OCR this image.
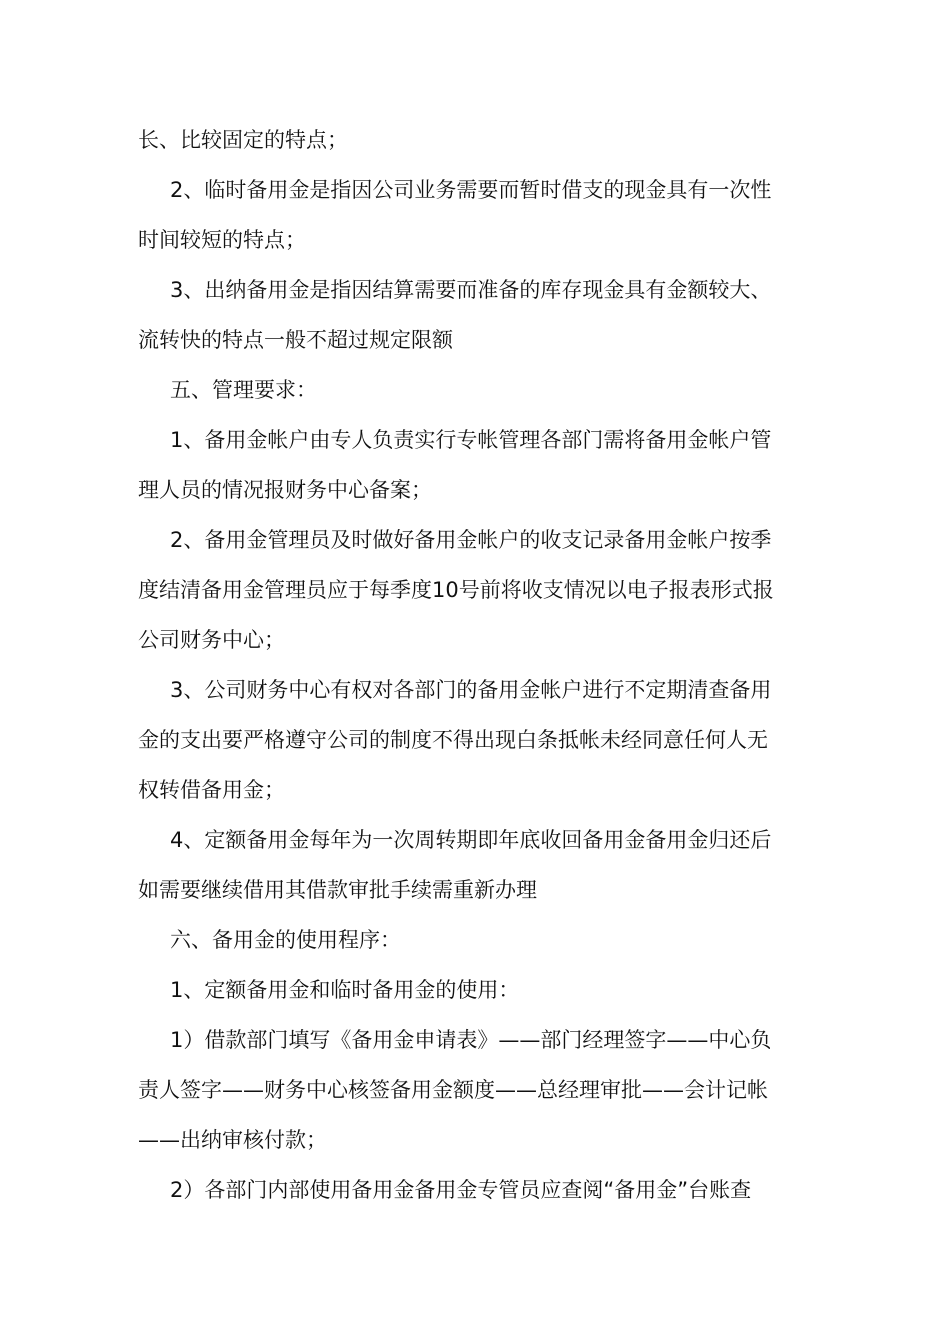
长、比较固定的特点；

2、临时备用金是指因公司业务需要而暂时借支的现金具有一次性

时间较短的特点；

3、出纳备用金是指因结算需要而准备的库存现金具有金额较大、

流转快的特点一般不超过规定限额

五、管理要求：

1、备用金帐户由专人负责实行专帐管理各部门需将备用金帐户管

理人员的情况报财务中心备案；

2、备用金管理员及时做好备用金帐户的收支记录备用金帐户按季

度结清备用金管理员应于每季度10号前将收支情况以电子报表形式报

公司财务中心；

3、公司财务中心有权对各部门的备用金帐户进行不定期清查备用

金的支出要严格遵守公司的制度不得出现白条抵帐未经同意任何人无

权转借备用金；

4、定额备用金每年为一次周转期即年底收回备用金备用金归还后

如需要继续借用其借款审批手续需重新办理

六、备用金的使用程序：

1、定额备用金和临时备用金的使用：

1）借款部门填写《备用金申请表》——部门经理签字——中心负

责人签字——财务中心核签备用金额度——总经理审批——会计记帐

——出纳审核付款；

2）各部门内部使用备用金备用金专管员应查阅“备用金”台账查
